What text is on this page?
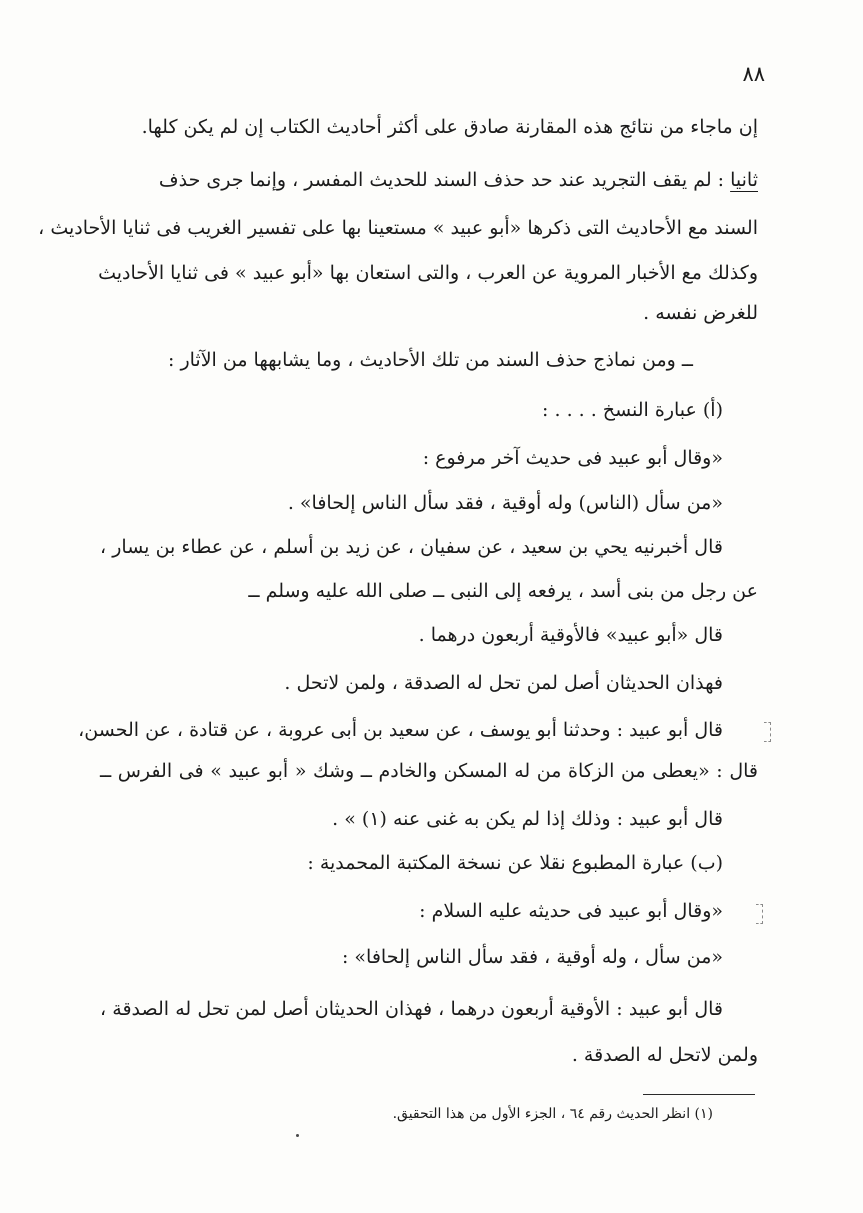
٨٨
إن ماجاء من نتائج هذه المقارنة صادق على أكثر أحاديث الكتاب إن لم يكن كلها.
ثانيا : لم يقف التجريد عند حد حذف السند للحديث المفسر ، وإنما جرى حذف
السند مع الأحاديث التى ذكرها «أبو عبيد » مستعينا بها على تفسير الغريب فى ثنايا الأحاديث ،
وكذلك مع الأخبار المروية عن العرب ، والتى استعان بها «أبو عبيد » فى ثنايا الأحاديث
للغرض نفسه .
ــ ومن نماذج حذف السند من تلك الأحاديث ، وما يشابهها من الآثار :
(أ) عبارة النسخ . . . . :
«وقال أبو عبيد فى حديث آخر مرفوع :
«من سأل (الناس) وله أوقية ، فقد سأل الناس إلحافا» .
قال أخبرنيه يحي بن سعيد ، عن سفيان ، عن زيد بن أسلم ، عن عطاء بن يسار ،
عن رجل من بنى أسد ، يرفعه إلى النبى ــ صلى الله عليه وسلم ــ
قال «أبو عبيد» فالأوقية أربعون درهما .
فهذان الحديثان أصل لمن تحل له الصدقة ، ولمن لاتحل .
قال أبو عبيد : وحدثنا أبو يوسف ، عن سعيد بن أبى عروبة ، عن قتادة ، عن الحسن،
قال : «يعطى من الزكاة من له المسكن والخادم ــ وشك « أبو عبيد » فى الفرس ــ
قال أبو عبيد : وذلك إذا لم يكن به غنى عنه (١) » .
(ب) عبارة المطبوع نقلا عن نسخة المكتبة المحمدية :
«وقال أبو عبيد فى حديثه عليه السلام :
«من سأل ، وله أوقية ، فقد سأل الناس إلحافا» :
قال أبو عبيد : الأوقية أربعون درهما ، فهذان الحديثان أصل لمن تحل له الصدقة ،
ولمن لاتحل له الصدقة .
(١) انظر الحديث رقم ٦٤ ، الجزء الأول من هذا التحقيق.
